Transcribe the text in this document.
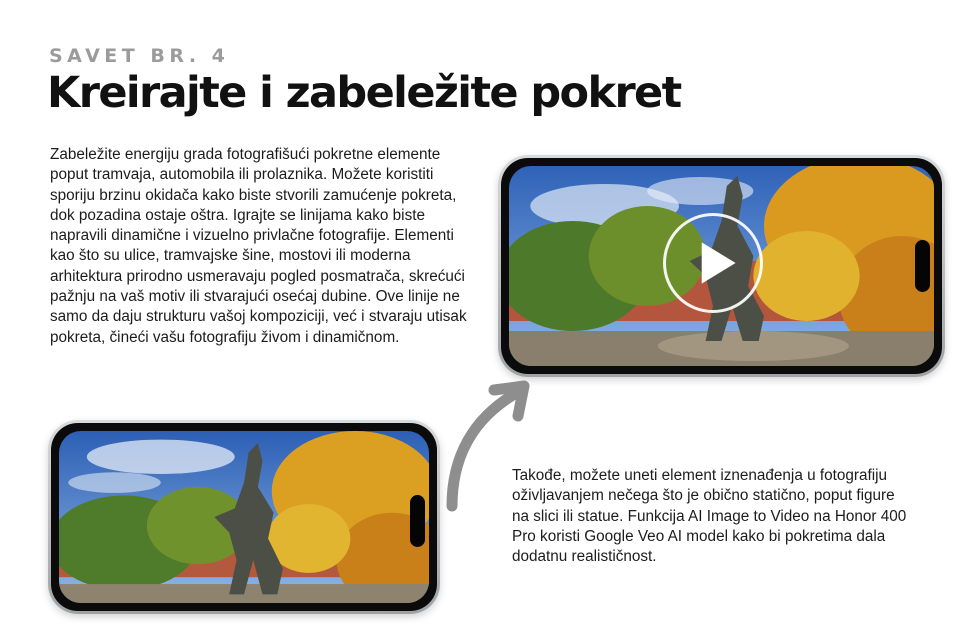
SAVET BR. 4
Kreirajte i zabeležite pokret

Zabeležite energiju grada fotografišući pokretne elemente poput tramvaja, automobila ili prolaznika. Možete koristiti sporiju brzinu okidača kako biste stvorili zamućenje pokreta, dok pozadina ostaje oštra. Igrajte se linijama kako biste napravili dinamične i vizuelno privlačne fotografije. Elementi kao što su ulice, tramvajske šine, mostovi ili moderna arhitektura prirodno usmeravaju pogled posmatrača, skrećući pažnju na vaš motiv ili stvarajući osećaj dubine. Ove linije ne samo da daju strukturu vašoj kompoziciji, već i stvaraju utisak pokreta, čineći vašu fotografiju živom i dinamičnom.

Takođe, možete uneti element iznenađenja u fotografiju oživljavanjem nečega što je obično statično, poput figure na slici ili statue. Funkcija AI Image to Video na Honor 400 Pro koristi Google Veo AI model kako bi pokretima dala dodatnu realističnost.
